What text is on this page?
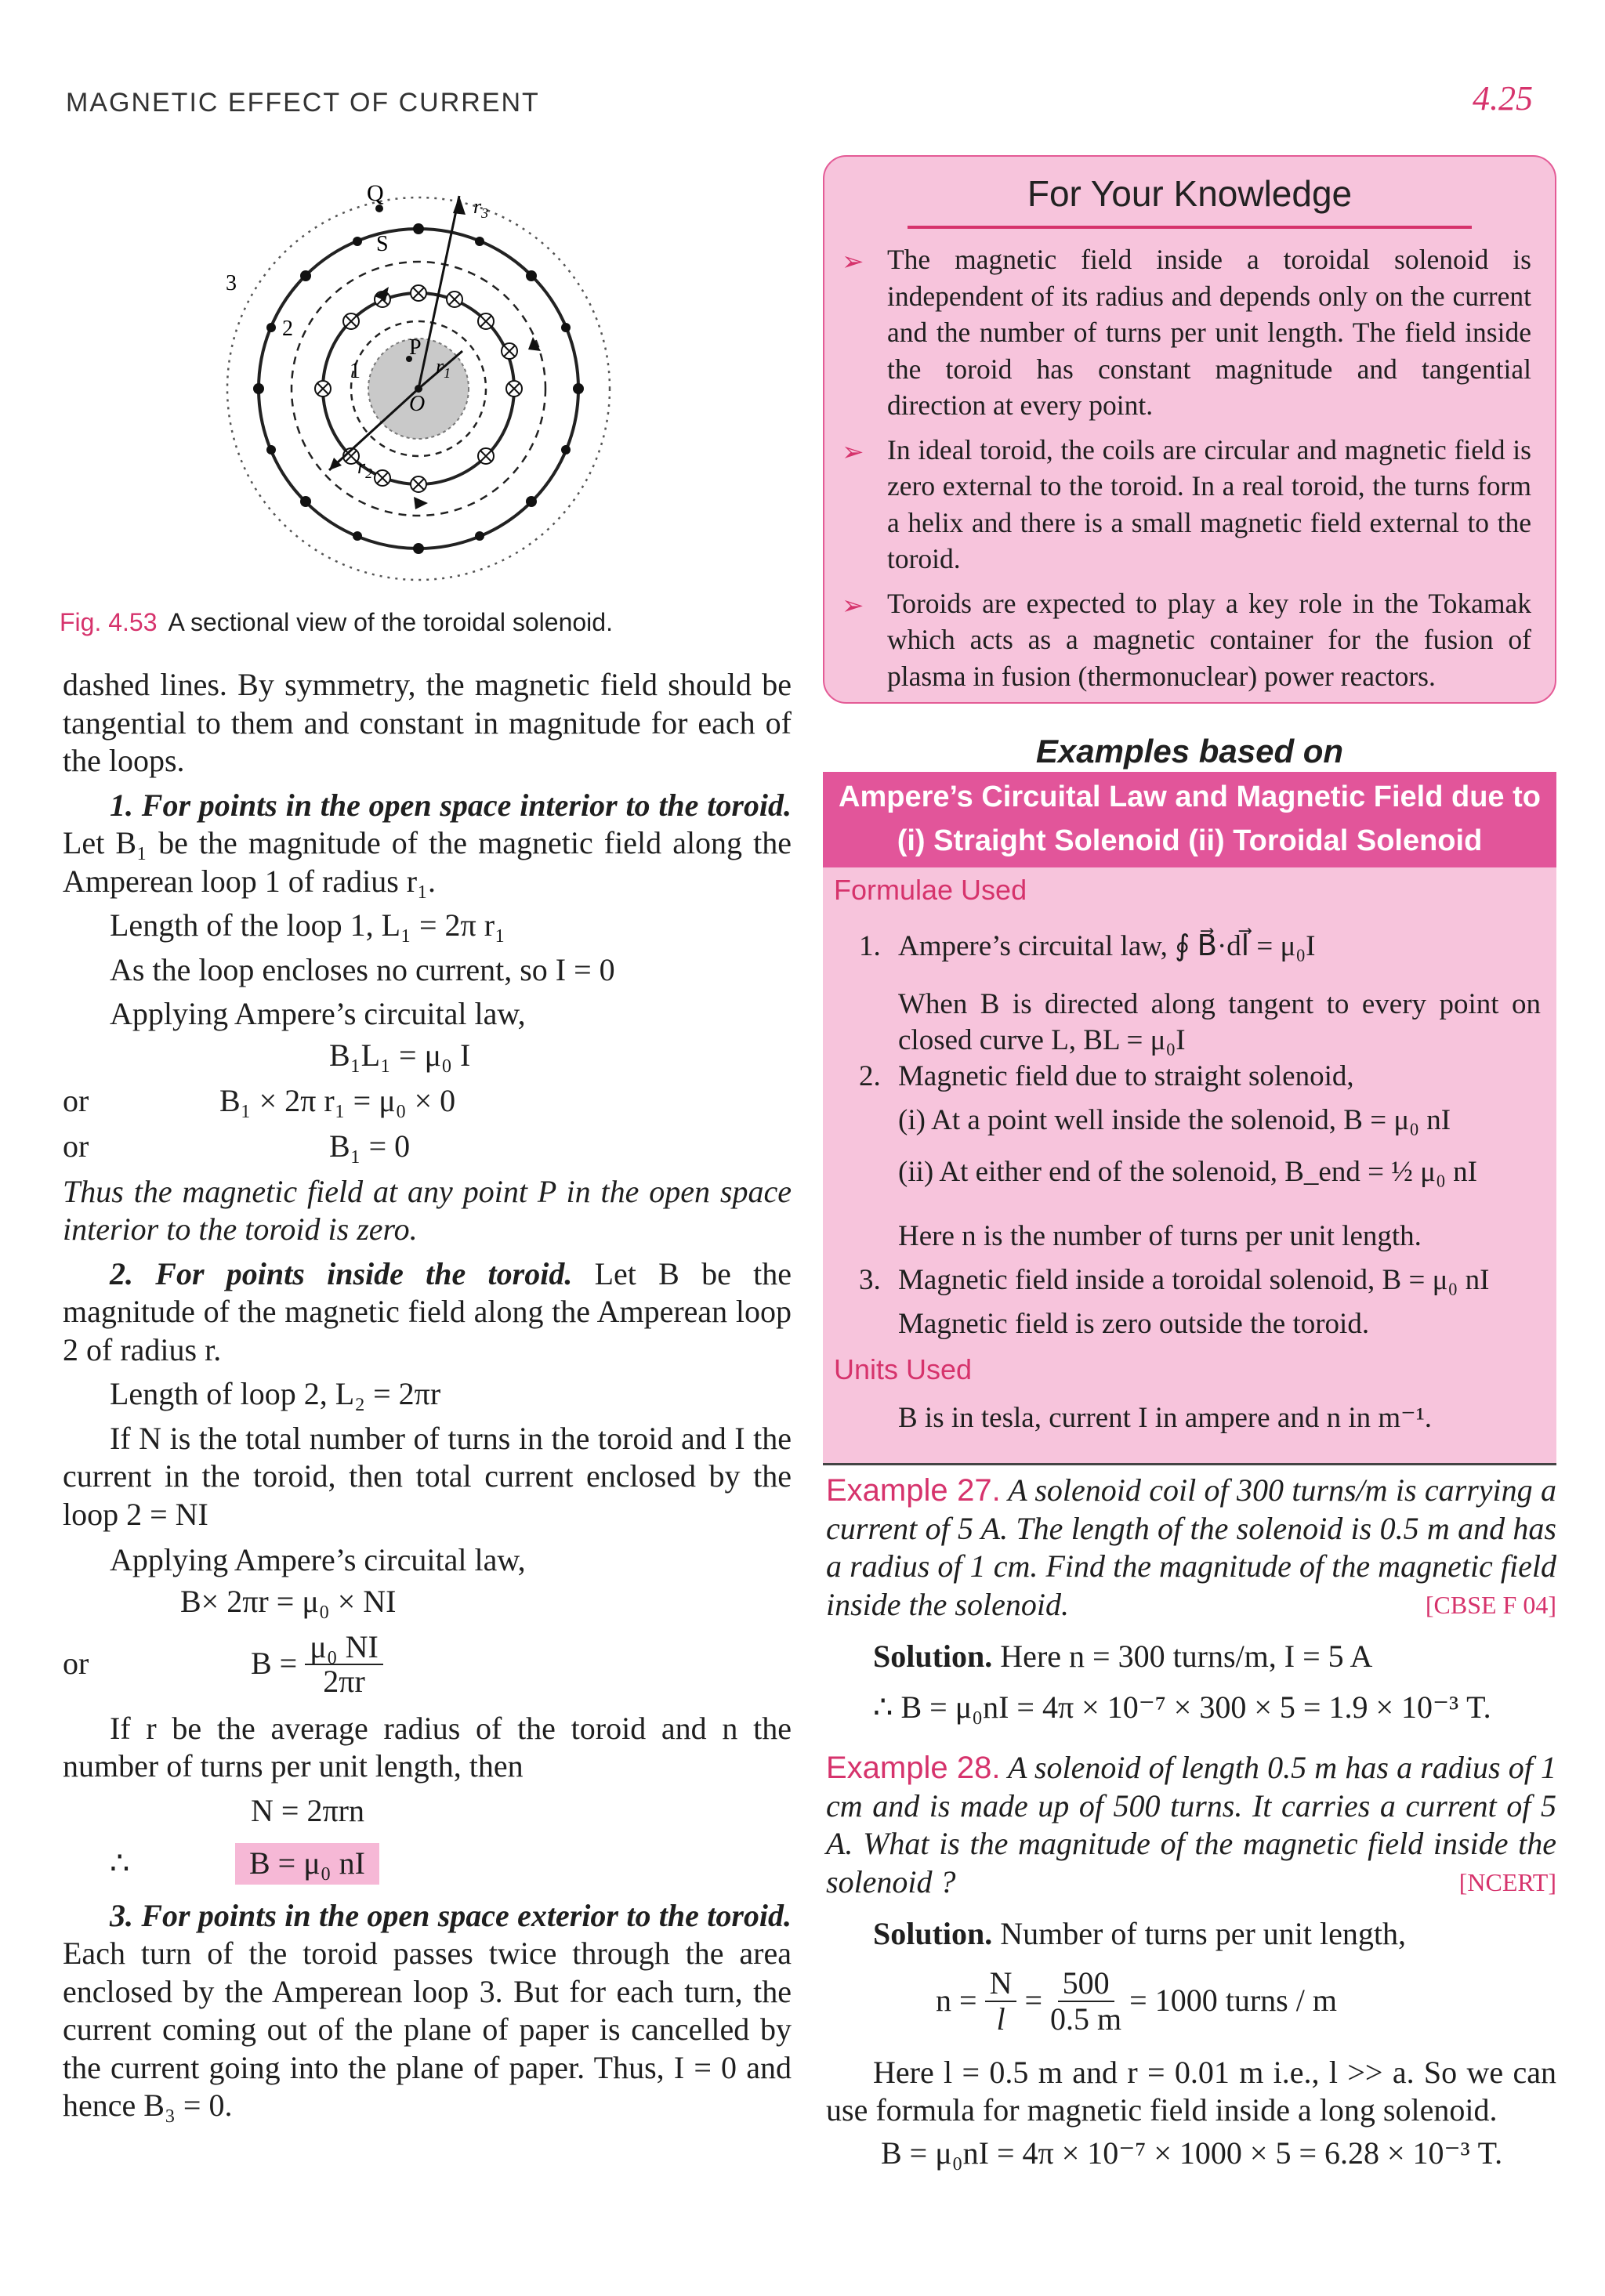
MAGNETIC EFFECT OF CURRENT	4.25
Q
S
P
O
$r_1$
$r_2$
$r_3$
1
2
3
Fig. 4.53 A sectional view of the toroidal solenoid.

dashed lines. By symmetry, the magnetic field should be tangential to them and constant in magnitude for each of the loops.

1. For points in the open space interior to the toroid. Let B₁ be the magnitude of the magnetic field along the Amperean loop 1 of radius r₁.

Length of the loop 1, L₁ = 2π r₁

As the loop encloses no current, so I = 0

Applying Ampere’s circuital law,

B₁L₁ = μ₀ I
or	B₁ × 2π r₁ = μ₀ × 0
or	B₁ = 0

Thus the magnetic field at any point P in the open space interior to the toroid is zero.

2. For points inside the toroid. Let B be the magnitude of the magnetic field along the Amperean loop 2 of radius r.

Length of loop 2, L₂ = 2πr

If N is the total number of turns in the toroid and I the current in the toroid, then total current enclosed by the loop 2 = NI

Applying Ampere’s circuital law,

B× 2πr = μ₀ × NI
or	$B = \frac{\text{μ₀ NI}}{2\pi r}$

If r be the average radius of the toroid and n the number of turns per unit length, then

N = 2πrn
∴	B = μ₀ nI

3. For points in the open space exterior to the toroid. Each turn of the toroid passes twice through the area enclosed by the Amperean loop 3. But for each turn, the current coming out of the plane of paper is cancelled by the current going into the plane of paper. Thus, I = 0 and hence B₃ = 0.

For Your Knowledge
➢ The magnetic field inside a toroidal solenoid is independent of its radius and depends only on the current and the number of turns per unit length. The field inside the toroid has constant magnitude and tangential direction at every point.
➢ In ideal toroid, the coils are circular and magnetic field is zero external to the toroid. In a real toroid, the turns form a helix and there is a small magnetic field external to the toroid.
➢ Toroids are expected to play a key role in the Tokamak which acts as a magnetic container for the fusion of plasma in fusion (thermonuclear) power reactors.
Examples based on
Ampere’s Circuital Law and Magnetic Field due to
(i) Straight Solenoid (ii) Toroidal Solenoid
Formulae Used
1. Ampere’s circuital law, ∮ B⃗·dl⃗ = μ₀I
When B is directed along tangent to every point on closed curve L, BL = μ₀I
2. Magnetic field due to straight solenoid,
(i) At a point well inside the solenoid, B = μ₀ nI
(ii) At either end of the solenoid, B_end = ½ μ₀ nI
Here n is the number of turns per unit length.
3. Magnetic field inside a toroidal solenoid, B = μ₀ nI
Magnetic field is zero outside the toroid.
Units Used
B is in tesla, current I in ampere and n in m⁻¹.

Example 27. A solenoid coil of 300 turns/m is carrying a current of 5 A. The length of the solenoid is 0.5 m and has a radius of 1 cm. Find the magnitude of the magnetic field inside the solenoid.	[CBSE F 04]

Solution. Here n = 300 turns/m, I = 5 A

∴ B = μ₀nI = 4π × 10⁻⁷ × 300 × 5 = 1.9 × 10⁻³ T.

Example 28. A solenoid of length 0.5 m has a radius of 1 cm and is made up of 500 turns. It carries a current of 5 A. What is the magnitude of the magnetic field inside the solenoid ?	[NCERT]

Solution. Number of turns per unit length,

$n = \frac{N}{l} = \frac{500}{0.5 m} = 1000$ turns / m

Here l = 0.5 m and r = 0.01 m i.e., l >> a. So we can use formula for magnetic field inside a long solenoid.

B = μ₀nI = 4π × 10⁻⁷ × 1000 × 5 = 6.28 × 10⁻³ T.
